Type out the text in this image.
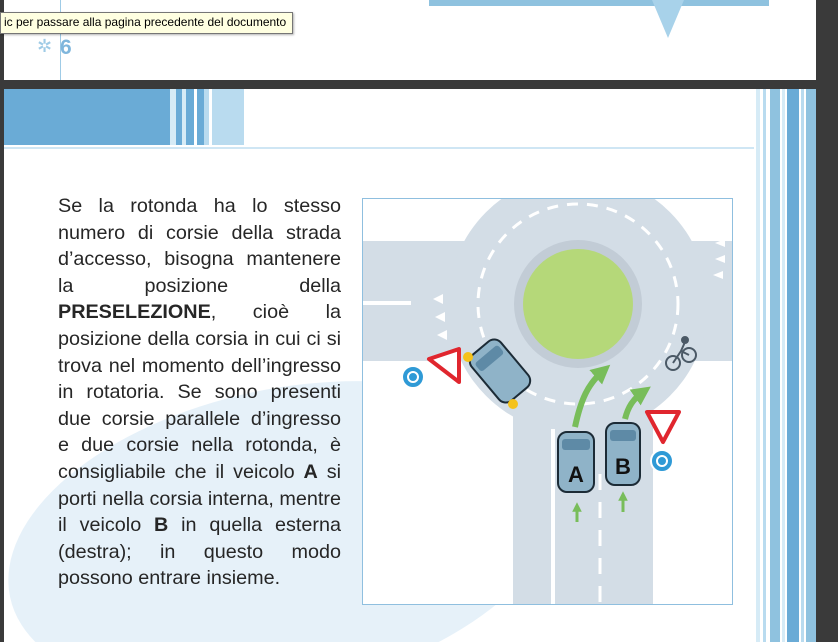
✲ 6
ic per passare alla pagina precedente del documento
Se la rotonda ha lo stesso numero di corsie della strada d’accesso, bisogna mantenere la posizione della PRESELEZIONE, cioè la posizione della corsia in cui ci si trova nel momento dell’ingresso in rotatoria. Se sono presenti due corsie parallele d’ingresso e due corsie nella rotonda, è consigliabile che il veicolo A si porti nella corsia interna, mentre il veicolo B in quella esterna (destra); in questo modo possono entrare insieme.
A B
